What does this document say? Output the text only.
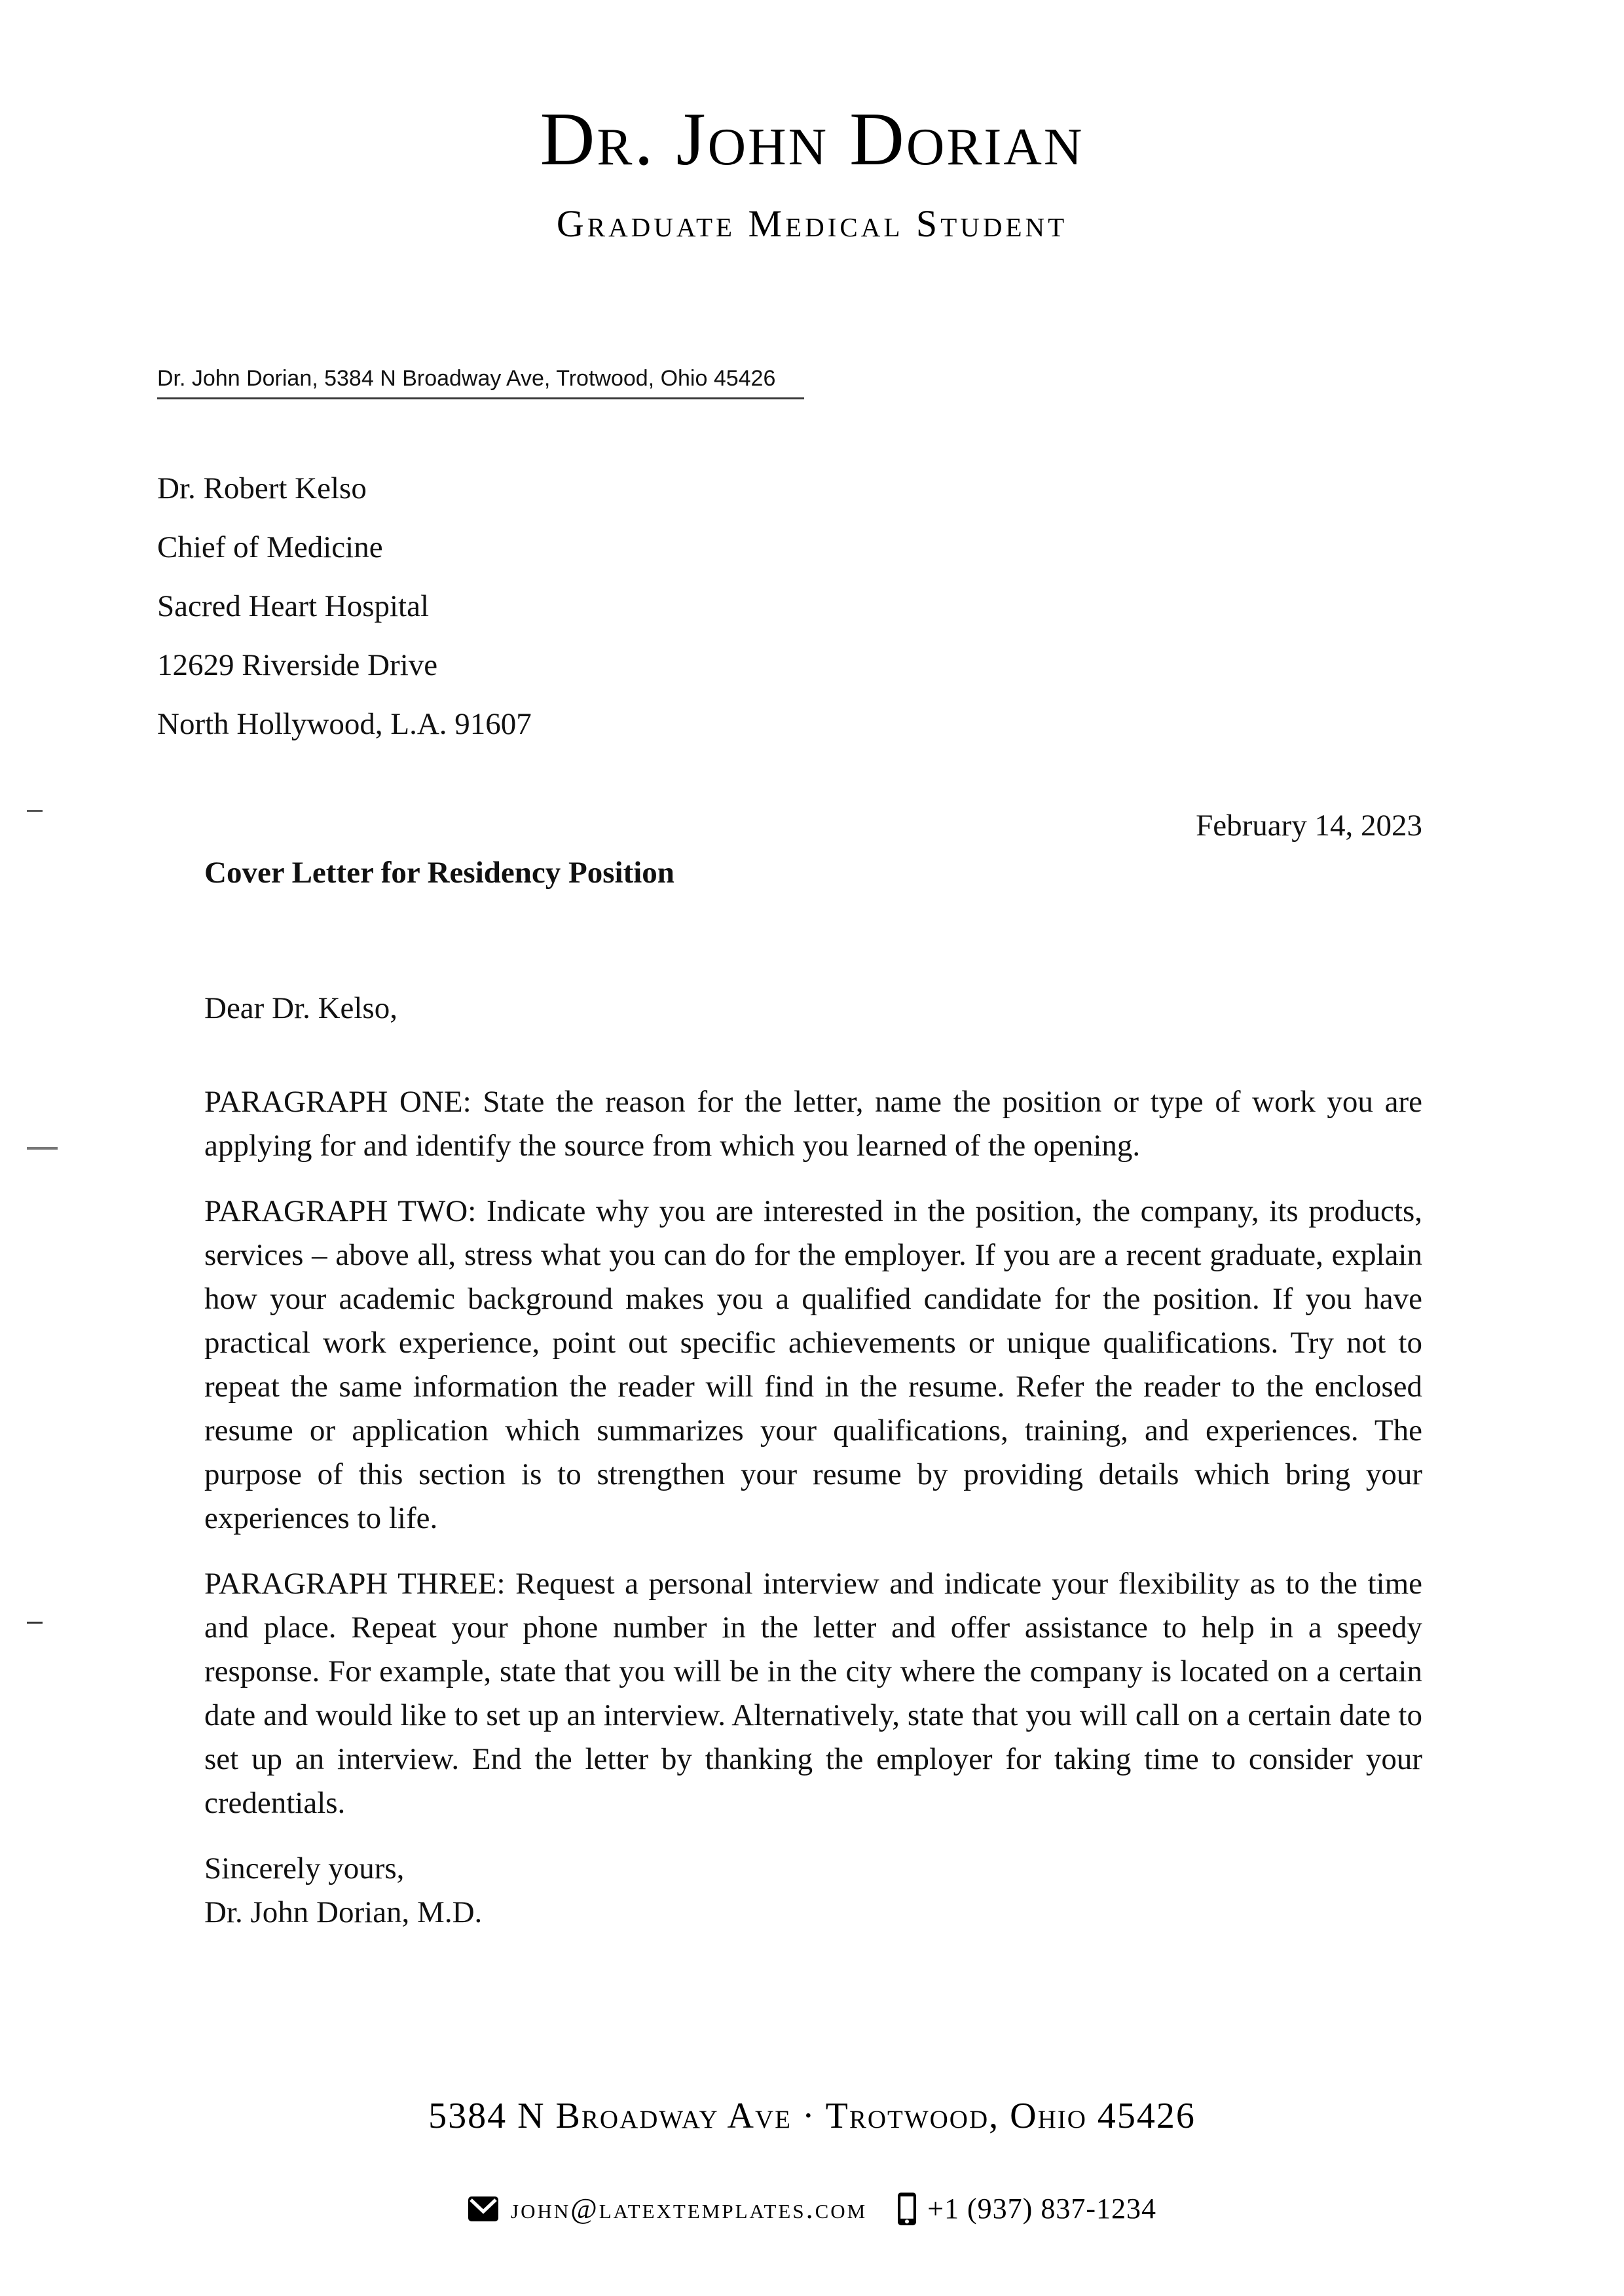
Dr. John Dorian
Graduate Medical Student
Dr. John Dorian, 5384 N Broadway Ave, Trotwood, Ohio 45426
Dr. Robert Kelso
Chief of Medicine
Sacred Heart Hospital
12629 Riverside Drive
North Hollywood, L.A. 91607
February 14, 2023
Cover Letter for Residency Position

Dear Dr. Kelso,

PARAGRAPH ONE: State the reason for the letter, name the position or type of work you are applying for and identify the source from which you learned of the opening.

PARAGRAPH TWO: Indicate why you are interested in the position, the company, its products, services – above all, stress what you can do for the employer. If you are a recent graduate, explain how your academic background makes you a qualified candidate for the position. If you have practical work experience, point out specific achievements or unique qualifications. Try not to repeat the same information the reader will find in the resume. Refer the reader to the enclosed resume or application which summarizes your qualifications, training, and experiences. The purpose of this section is to strengthen your resume by providing details which bring your experiences to life.

PARAGRAPH THREE: Request a personal interview and indicate your flexibility as to the time and place. Repeat your phone number in the letter and offer assistance to help in a speedy response. For example, state that you will be in the city where the company is located on a certain date and would like to set up an interview. Alternatively, state that you will call on a certain date to set up an interview. End the letter by thanking the employer for taking time to consider your credentials.

Sincerely yours,

Dr. John Dorian, M.D.

5384 N Broadway Ave · Trotwood, Ohio 45426
john@latextemplates.com +1 (937) 837-1234
